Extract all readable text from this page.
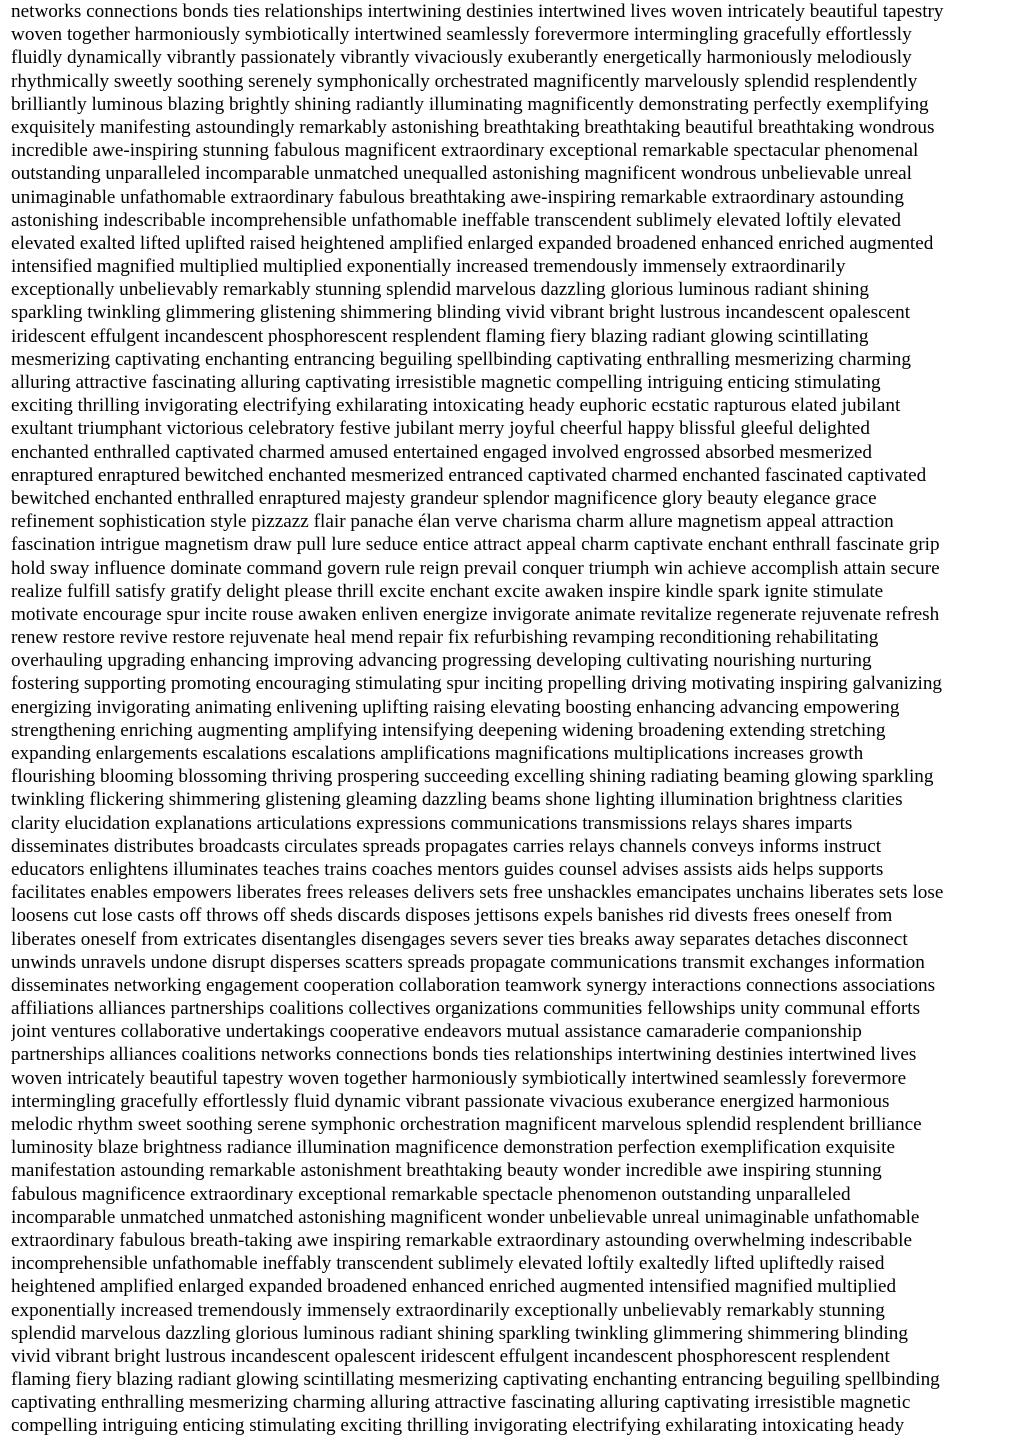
networks connections bonds ties relationships intertwining destinies intertwined lives woven intricately beautiful tapestry
woven together harmoniously symbiotically intertwined seamlessly forevermore intermingling gracefully effortlessly
fluidly dynamically vibrantly passionately vibrantly vivaciously exuberantly energetically harmoniously melodiously
rhythmically sweetly soothing serenely symphonically orchestrated magnificently marvelously splendid resplendently
brilliantly luminous blazing brightly shining radiantly illuminating magnificently demonstrating perfectly exemplifying
exquisitely manifesting astoundingly remarkably astonishing breathtaking breathtaking beautiful breathtaking wondrous
incredible awe-inspiring stunning fabulous magnificent extraordinary exceptional remarkable spectacular phenomenal
outstanding unparalleled incomparable unmatched unequalled astonishing magnificent wondrous unbelievable unreal
unimaginable unfathomable extraordinary fabulous breathtaking awe-inspiring remarkable extraordinary astounding
astonishing indescribable incomprehensible unfathomable ineffable transcendent sublimely elevated loftily elevated
elevated exalted lifted uplifted raised heightened amplified enlarged expanded broadened enhanced enriched augmented
intensified magnified multiplied multiplied exponentially increased tremendously immensely extraordinarily
exceptionally unbelievably remarkably stunning splendid marvelous dazzling glorious luminous radiant shining
sparkling twinkling glimmering glistening shimmering blinding vivid vibrant bright lustrous incandescent opalescent
iridescent effulgent incandescent phosphorescent resplendent flaming fiery blazing radiant glowing scintillating
mesmerizing captivating enchanting entrancing beguiling spellbinding captivating enthralling mesmerizing charming
alluring attractive fascinating alluring captivating irresistible magnetic compelling intriguing enticing stimulating
exciting thrilling invigorating electrifying exhilarating intoxicating heady euphoric ecstatic rapturous elated jubilant
exultant triumphant victorious celebratory festive jubilant merry joyful cheerful happy blissful gleeful delighted
enchanted enthralled captivated charmed amused entertained engaged involved engrossed absorbed mesmerized
enraptured enraptured bewitched enchanted mesmerized entranced captivated charmed enchanted fascinated captivated
bewitched enchanted enthralled enraptured majesty grandeur splendor magnificence glory beauty elegance grace
refinement sophistication style pizzazz flair panache élan verve charisma charm allure magnetism appeal attraction
fascination intrigue magnetism draw pull lure seduce entice attract appeal charm captivate enchant enthrall fascinate grip
hold sway influence dominate command govern rule reign prevail conquer triumph win achieve accomplish attain secure
realize fulfill satisfy gratify delight please thrill excite enchant excite awaken inspire kindle spark ignite stimulate
motivate encourage spur incite rouse awaken enliven energize invigorate animate revitalize regenerate rejuvenate refresh
renew restore revive restore rejuvenate heal mend repair fix refurbishing revamping reconditioning rehabilitating
overhauling upgrading enhancing improving advancing progressing developing cultivating nourishing nurturing
fostering supporting promoting encouraging stimulating spur inciting propelling driving motivating inspiring galvanizing
energizing invigorating animating enlivening uplifting raising elevating boosting enhancing advancing empowering
strengthening enriching augmenting amplifying intensifying deepening widening broadening extending stretching
expanding enlargements escalations escalations amplifications magnifications multiplications increases growth
flourishing blooming blossoming thriving prospering succeeding excelling shining radiating beaming glowing sparkling
twinkling flickering shimmering glistening gleaming dazzling beams shone lighting illumination brightness clarities
clarity elucidation explanations articulations expressions communications transmissions relays shares imparts
disseminates distributes broadcasts circulates spreads propagates carries relays channels conveys informs instruct
educators enlightens illuminates teaches trains coaches mentors guides counsel advises assists aids helps supports
facilitates enables empowers liberates frees releases delivers sets free unshackles emancipates unchains liberates sets lose
loosens cut lose casts off throws off sheds discards disposes jettisons expels banishes rid divests frees oneself from
liberates oneself from extricates disentangles disengages severs sever ties breaks away separates detaches disconnect
unwinds unravels undone disrupt disperses scatters spreads propagate communications transmit exchanges information
disseminates networking engagement cooperation collaboration teamwork synergy interactions connections associations
affiliations alliances partnerships coalitions collectives organizations communities fellowships unity communal efforts
joint ventures collaborative undertakings cooperative endeavors mutual assistance camaraderie companionship
partnerships alliances coalitions networks connections bonds ties relationships intertwining destinies intertwined lives
woven intricately beautiful tapestry woven together harmoniously symbiotically intertwined seamlessly forevermore
intermingling gracefully effortlessly fluid dynamic vibrant passionate vivacious exuberance energized harmonious
melodic rhythm sweet soothing serene symphonic orchestration magnificent marvelous splendid resplendent brilliance
luminosity blaze brightness radiance illumination magnificence demonstration perfection exemplification exquisite
manifestation astounding remarkable astonishment breathtaking beauty wonder incredible awe inspiring stunning
fabulous magnificence extraordinary exceptional remarkable spectacle phenomenon outstanding unparalleled
incomparable unmatched unmatched astonishing magnificent wonder unbelievable unreal unimaginable unfathomable
extraordinary fabulous breath-taking awe inspiring remarkable extraordinary astounding overwhelming indescribable
incomprehensible unfathomable ineffably transcendent sublimely elevated loftily exaltedly lifted upliftedly raised
heightened amplified enlarged expanded broadened enhanced enriched augmented intensified magnified multiplied
exponentially increased tremendously immensely extraordinarily exceptionally unbelievably remarkably stunning
splendid marvelous dazzling glorious luminous radiant shining sparkling twinkling glimmering shimmering blinding
vivid vibrant bright lustrous incandescent opalescent iridescent effulgent incandescent phosphorescent resplendent
flaming fiery blazing radiant glowing scintillating mesmerizing captivating enchanting entrancing beguiling spellbinding
captivating enthralling mesmerizing charming alluring attractive fascinating alluring captivating irresistible magnetic
compelling intriguing enticing stimulating exciting thrilling invigorating electrifying exhilarating intoxicating heady
